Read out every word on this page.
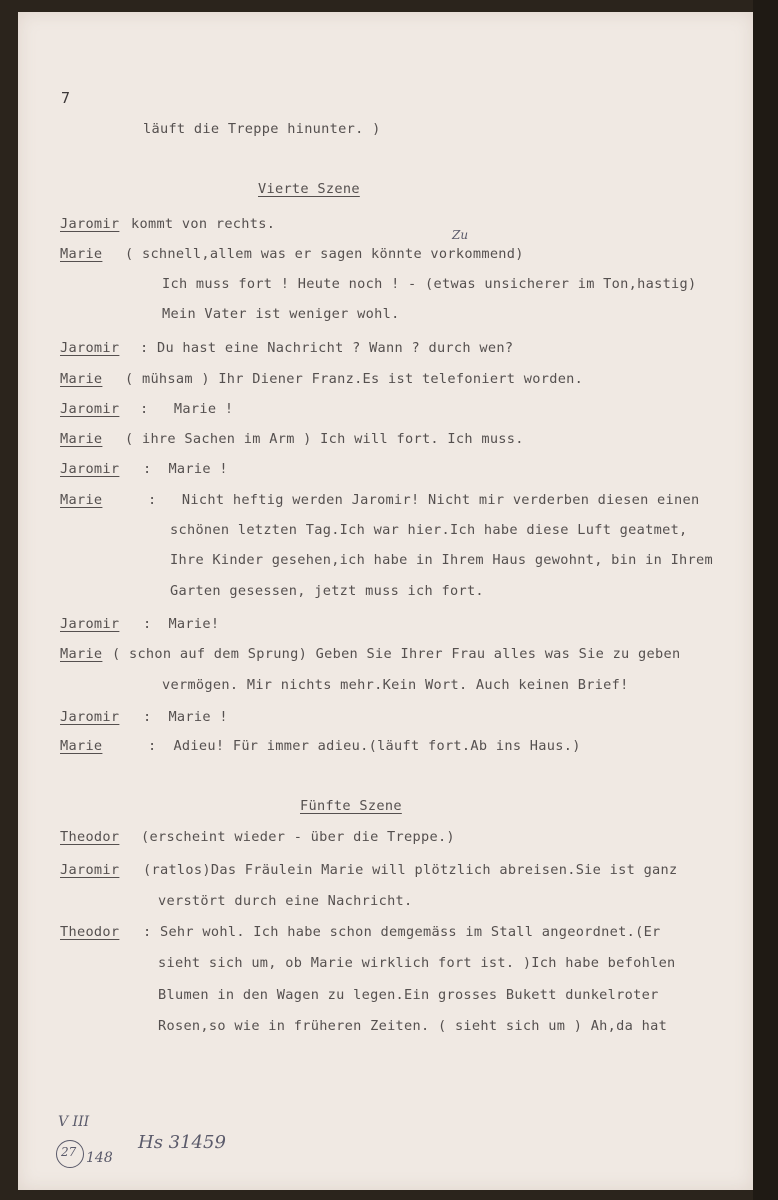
7
läuft die Treppe hinunter. )
Vierte Szene
Jaromir kommt von rechts.
Marie ( schnell,allem was er sagen könnte vorkommend)
Ich muss fort ! Heute noch ! - (etwas unsicherer im Ton,hastig)
Mein Vater ist weniger wohl.
Jaromir : Du hast eine Nachricht ? Wann ? durch wen?
Marie ( mühsam ) Ihr Diener Franz.Es ist telefoniert worden.
Jaromir :   Marie !
Marie ( ihre Sachen im Arm ) Ich will fort. Ich muss.
Jaromir :  Marie !
Marie	:   Nicht heftig werden Jaromir! Nicht mir verderben diesen einen
schönen letzten Tag.Ich war hier.Ich habe diese Luft geatmet,
Ihre Kinder gesehen,ich habe in Ihrem Haus gewohnt, bin in Ihrem
Garten gesessen, jetzt muss ich fort.
Jaromir :  Marie!
Marie ( schon auf dem Sprung) Geben Sie Ihrer Frau alles was Sie zu geben
vermögen. Mir nichts mehr.Kein Wort. Auch keinen Brief!
Jaromir :  Marie !
Marie	:  Adieu! Für immer adieu.(läuft fort.Ab ins Haus.)
Fünfte Szene
Theodor (erscheint wieder - über die Treppe.)
Jaromir (ratlos)Das Fräulein Marie will plötzlich abreisen.Sie ist ganz
verstört durch eine Nachricht.
Theodor : Sehr wohl. Ich habe schon demgemäss im Stall angeordnet.(Er
sieht sich um, ob Marie wirklich fort ist. )Ich habe befohlen
Blumen in den Wagen zu legen.Ein grosses Bukett dunkelroter
Rosen,so wie in früheren Zeiten. ( sieht sich um ) Ah,da hat
Zu
V III
27 148
Hs 31459
